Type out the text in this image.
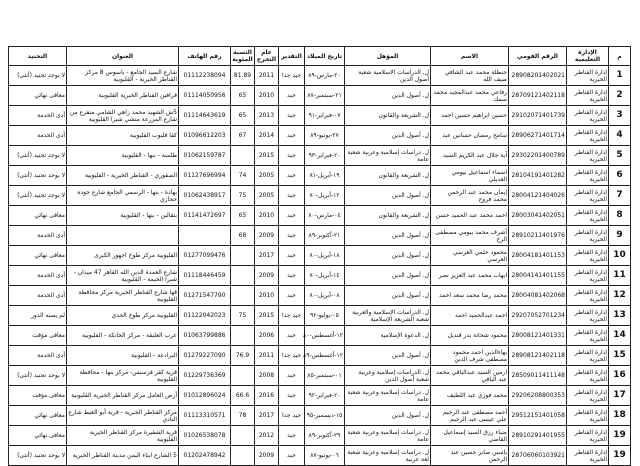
م	الإدارة التعليمية	الرقم القومي	الاسم	المؤهل	تاريخ الميلاد	التقدير	عام التخرج	النسبة المئوية	رقم الهاتف	العنوان	التجنيد
1	إدارة القناطر الخيرية	28908201402021	حنظلة محمد عبد الشافي ضيف الله	ل. الدراسات الاسلامية شعبة أصول الدين	٢٠-مارس-٨٩	جيد جدا	2011	81.89	01112238094	شارع السيد الجامع - باسوس 8 مركز القناطر الخيرية - القليوبية	لا يوجد تجنيد (أنثى)
2	إدارة القناطر الخيرية	28709121402118	رفاعي محمد عبدالمجيد محمد سمك	ل. أصول الدين	٢١-سبتمبر-٨٧	جيد	2010	65	01114050956	قرافين القناطر الخيرية القليوبية	معافى نهائي
3	إدارة القناطر الخيرية	29102071401739	حسين ابراهيم حسين احمد	ل. الشريعة والقانون	٠٧-فبراير-٩١	جيد	2013	65	01114643619	5ش الشهيد محمد زاهي الشامي متفرع من شارع المزرعة منشي شبرا القليوبية	أدى الخدمة
4	إدارة القناطر الخيرية	28906271401714	سامح رمضان حسانين عيد	ل. أصول الدين	٢٧-يونيو-٨٩	جيد	2014	67	01096612203	كفا قليوب القليوبية	أدى الخدمة
5	إدارة القناطر الخيرية	29302201400789	آية جلال عبد الكريم السيد	ل. دراسات إسلامية وعربية شعبة عامة	٢٠-فبراير-٩٣	جيد	2015		01062159787	طلمنة - بنها - القليوبية	لا يوجد تجنيد (أنثى)
6	إدارة القناطر الخيرية	28104191401282	اسماء اسماعيل بيومي العديلي	ل. الشريعة والقانون	١٩-أبريل-٨١	جيد	2005	74	01127696994	الصفوري - القناطر الخيرية - القليوبية	لا يوجد تجنيد (أنثى)
7	إدارة القناطر الخيرية	28004121404026	إيمان محمد عبد الرحمن محمد فروح	ل. أصول الدين	١٢-أبريل-٨٠	جيد	2005	75	01062438917	بهادة - بنها - الرسمي الجامع شارع جوده حجازي	لا يوجد تجنيد (أنثى)
8	إدارة القناطر الخيرية	28003041402051	احمد محمد عبد الحميد حسن	ل. الشريعة والقانون	٠٤-مارس-٨٠	جيد	2010	65	01141472697	بتقالين - بنها - القليوبية	معافى نهائي
9	إدارة القناطر الخيرية	28910211401976	أشرف محمد بيومي مصطفى الرخ	ل. أصول الدين	٢١-أكتوبر-٨٩	جيد	2009	68			أدى الخدمة
10	إدارة القناطر الخيرية	28004181401153	محمود حلمي العرسي العرسي	ل. أصول الدين	١٨-أبريل-٨٠	جيد	2017		01277099476	القليوبية مركز طوخ اجهور الكبرى	معافى نهائي
11	إدارة القناطر الخيرية	28004141401155	ايهاب محمد عبد العزيز نصر	ل. أصول الدين	١٤-أبريل-٨٠	جيد	2009		01118446459	شارع العمدة الدين الله القاهر 47 ميدان - شبرا الخيمة - القليوبية	أدى الخدمة
12	إدارة القناطر الخيرية	28004081402068	محمد رضا محمد سعد احمد	ل. أصول الدين	٠٨-أبريل-٨٠	جيد	2010		01271547790	قها شارع القناطر الخيرية مركز محافظة القليوبية	أدى الخدمة
13	إدارة القناطر الخيرية	29207052701234	احمد عبدالحميد احمد	ل. الدراسات الإسلامية والعربية شعبة الشريعة الإسلامية	٠٥-يوليو-٩٢	جيد جدا	2015	75	01122042023	القليوبية مركز طوخ الحدي	لم يصبه الدور
14	إدارة القناطر الخيرية	28008121401331	محمود شحاتة بدر قنديل	ل. الدعوة الإسلامية	١٢-أغسطس-٨٠	جيد	2006		01063799886	عرب العليقة - مركز الخانكة - القليوبية	معافى مؤقت
15	إدارة القناطر الخيرية	28908121402118	بهاءالدين احمد محمود مصطفى شرف الدين	ل. أصول الدين	١٢-أغسطس-٨٩	جيد جدا	2011	76.9	01279227090	البرادعة - القليوبية	أدى الخدمة
16	إدارة القناطر الخيرية	28509011411148	ارمين السيد عبدالباقي محمد عبد الباقي	ل. الدراسات إسلامية وعربية شعبة أصول الدين	٠١-سبتمبر-٨٥	جيد	2008		01229736369	قرية كفر فرسيس- مركز بنها - محافظة القليوبية	لا يوجد تجنيد (أنثى)
17	إدارة القناطر الخيرية	29206208800353	محمد فوزي عبد اللطيف	ل. دراسات إسلامية وعربية شعبة عامة	٢٠-فبراير-٩٢	جيد	2016	66.6	01012896024	أرض العامل مركز القناطر الخيرية القليوبية	معافى مؤقت
18	إدارة القناطر الخيرية	29512151401058	أحمد مصطفى عبد الرحيم علي عيسى عبد الرحيم	ل. أصول الدين	١٥-ديسمبر-٩٥	جيد جدا	2017	78	01113310571	مركز القناطر الخيرية - قرية أبو الغيط شارع النادي	معافى نهائي
19	إدارة القناطر الخيرية	28910291401955	ضياء رزق السيد إسماعيل القاضي	ل. دراسات إسلامية وعربية شعبة عامة	٢٩-أكتوبر-٨٩	جيد	2012		01026538078	قرية الشقيرة مركز القناطر الخيرية القليوبية	معافى نهائي
19	إدارة القناطر الخيرية	28706060103921	ياسين صابر حسين عبد الرحمن	ل. دراسات إسلامية وعربية شعبة لغة عربية	٠٦-يونيو-٨٧	جيد	2009		01202478942	5 الشارع ابناء اليمن مدينة القناطر الخيرية	لا يوجد تجنيد (أنثى)
